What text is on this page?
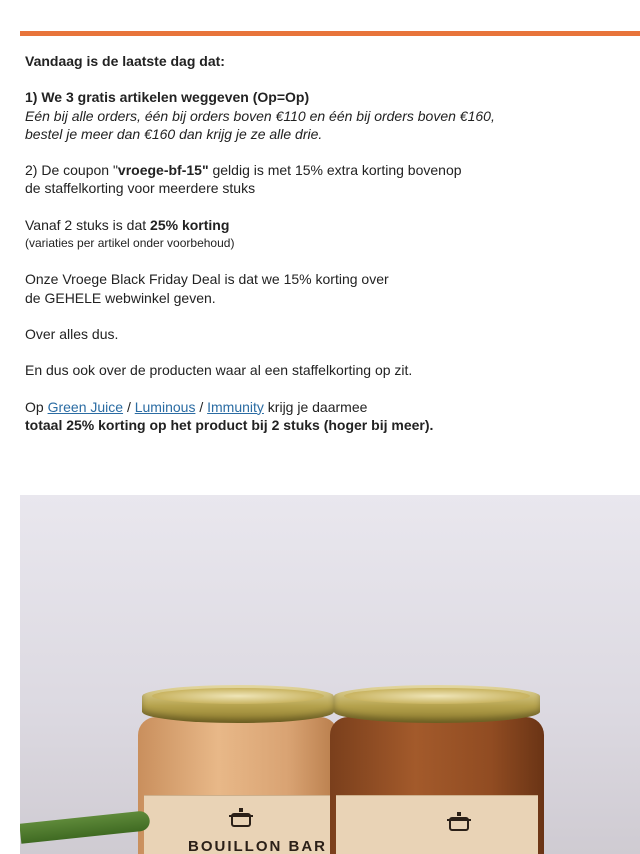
Vandaag is de laatste dag dat:

1) We 3 gratis artikelen weggeven (Op=Op)

Eén bij alle orders, één bij orders boven €110 en één bij orders boven €160,

bestel je meer dan €160 dan krijg je ze alle drie.

2) De coupon "vroege-bf-15" geldig is met 15% extra korting bovenop

de staffelkorting voor meerdere stuks

Vanaf 2 stuks is dat 25% korting

(variaties per artikel onder voorbehoud)

Onze Vroege Black Friday Deal is dat we 15% korting over

de GEHELE webwinkel geven.

Over alles dus.

En dus ook over de producten waar al een staffelkorting op zit.

Op Green Juice / Luminous / Immunity krijg je daarmee

totaal 25% korting op het product bij 2 stuks (hoger bij meer).

BOUILLON BAR
